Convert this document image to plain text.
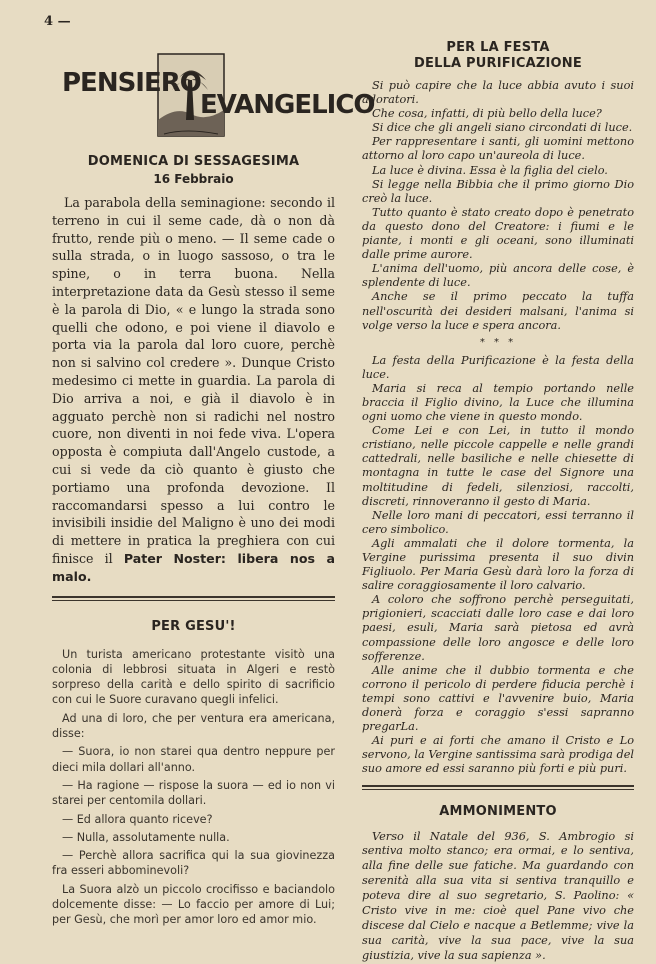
4 —
PENSIERO
EVANGELICO
DOMENICA DI SESSAGESIMA
16 Febbraio

La parabola della seminagione: secondo il terreno in cui il seme cade, dà o non dà frutto, rende più o meno. — Il seme cade o sulla strada, o in luogo sassoso, o tra le spine, o in terra buona. Nella interpretazione data da Gesù stesso il seme è la parola di Dio, « e lungo la strada sono quelli che odono, e poi viene il diavolo e porta via la parola dal loro cuore, perchè non si salvino col credere ». Dunque Cristo medesimo ci mette in guardia. La parola di Dio arriva a noi, e già il diavolo è in agguato perchè non si radichi nel nostro cuore, non diventi in noi fede viva. L'opera opposta è compiuta dall'Angelo custode, a cui si vede da ciò quanto è giusto che portiamo una profonda devozione. Il raccomandarsi spesso a lui contro le invisibili insidie del Maligno è uno dei modi di mettere in pratica la preghiera con cui finisce il Pater Noster: libera nos a malo.

PER GESU'!

Un turista americano protestante visitò una colonia di lebbrosi situata in Algeri e restò sorpreso della carità e dello spirito di sacrificio con cui le Suore curavano quegli infelici.

Ad una di loro, che per ventura era americana, disse:

— Suora, io non starei qua dentro neppure per dieci mila dollari all'anno.

— Ha ragione — rispose la suora — ed io non vi starei per centomila dollari.

— Ed allora quanto riceve?

— Nulla, assolutamente nulla.

— Perchè allora sacrifica qui la sua giovinezza fra esseri abbominevoli?

La Suora alzò un piccolo crocifisso e baciandolo dolcemente disse: — Lo faccio per amore di Lui; per Gesù, che morì per amor loro ed amor mio.

PER LA FESTA
DELLA PURIFICAZIONE

Si può capire che la luce abbia avuto i suoi adoratori.

Che cosa, infatti, di più bello della luce?

Si dice che gli angeli siano circondati di luce.

Per rappresentare i santi, gli uomini mettono attorno al loro capo un'aureola di luce.

La luce è divina. Essa è la figlia del cielo.

Si legge nella Bibbia che il primo giorno Dio creò la luce.

Tutto quanto è stato creato dopo è penetrato da questo dono del Creatore: i fiumi e le piante, i monti e gli oceani, sono illuminati dalle prime aurore.

L'anima dell'uomo, più ancora delle cose, è splendente di luce.

Anche se il primo peccato la tuffa nell'oscurità dei desideri malsani, l'anima si volge verso la luce e spera ancora.

* * *

La festa della Purificazione è la festa della luce.

Maria si reca al tempio portando nelle braccia il Figlio divino, la Luce che illumina ogni uomo che viene in questo mondo.

Come Lei e con Lei, in tutto il mondo cristiano, nelle piccole cappelle e nelle grandi cattedrali, nelle basiliche e nelle chiesette di montagna in tutte le case del Signore una moltitudine di fedeli, silenziosi, raccolti, discreti, rinnoveranno il gesto di Maria.

Nelle loro mani di peccatori, essi terranno il cero simbolico.

Agli ammalati che il dolore tormenta, la Vergine purissima presenta il suo divin Figliuolo. Per Maria Gesù darà loro la forza di salire coraggiosamente il loro calvario.

A coloro che soffrono perchè perseguitati, prigionieri, scacciati dalle loro case e dai loro paesi, esuli, Maria sarà pietosa ed avrà compassione delle loro angosce e delle loro sofferenze.

Alle anime che il dubbio tormenta e che corrono il pericolo di perdere fiducia perchè i tempi sono cattivi e l'avvenire buio, Maria donerà forza e coraggio s'essi sapranno pregarLa.

Ai puri e ai forti che amano il Cristo e Lo servono, la Vergine santissima sarà prodiga del suo amore ed essi saranno più forti e più puri.

AMMONIMENTO

Verso il Natale del 936, S. Ambrogio si sentiva molto stanco; era ormai, e lo sentiva, alla fine delle sue fatiche. Ma guardando con serenità alla sua vita si sentiva tranquillo e poteva dire al suo segretario, S. Paolino: « Cristo vive in me: cioè quel Pane vivo che discese dal Cielo e nacque a Betlemme; vive la sua carità, vive la sua pace, vive la sua giustizia, vive la sua sapienza ».
